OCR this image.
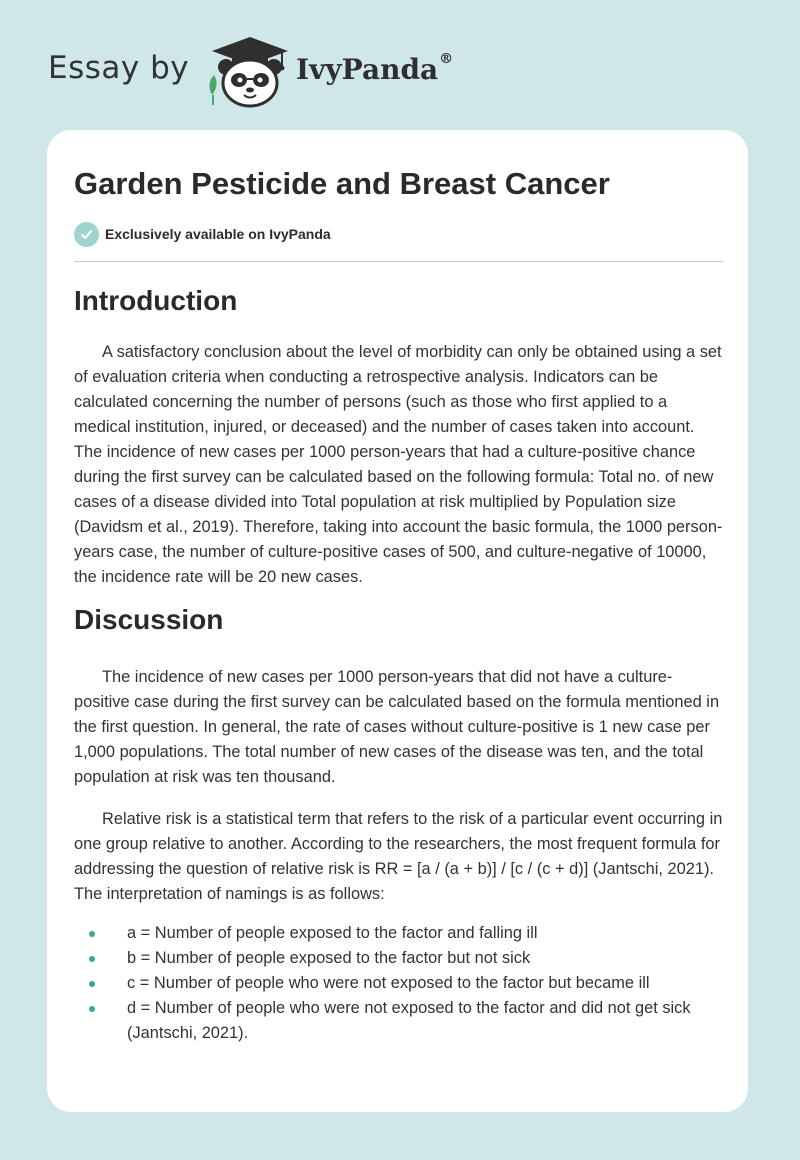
Essay by	IvyPanda®
Garden Pesticide and Breast Cancer
Exclusively available on IvyPanda
Introduction

A satisfactory conclusion about the level of morbidity can only be obtained using a set of evaluation criteria when conducting a retrospective analysis. Indicators can be calculated concerning the number of persons (such as those who first applied to a medical institution, injured, or deceased) and the number of cases taken into account. The incidence of new cases per 1000 person-years that had a culture-positive chance during the first survey can be calculated based on the following formula: Total no. of new cases of a disease divided into Total population at risk multiplied by Population size (Davidsm et al., 2019). Therefore, taking into account the basic formula, the 1000 person-years case, the number of culture-positive cases of 500, and culture-negative of 10000, the incidence rate will be 20 new cases.

Discussion

The incidence of new cases per 1000 person-years that did not have a culture-positive case during the first survey can be calculated based on the formula mentioned in the first question. In general, the rate of cases without culture-positive is 1 new case per 1,000 populations. The total number of new cases of the disease was ten, and the total population at risk was ten thousand.

Relative risk is a statistical term that refers to the risk of a particular event occurring in one group relative to another. According to the researchers, the most frequent formula for addressing the question of relative risk is RR = [a / (a + b)] / [c / (c + d)] (Jantschi, 2021). The interpretation of namings is as follows:

a = Number of people exposed to the factor and falling ill
b = Number of people exposed to the factor but not sick
c = Number of people who were not exposed to the factor but became ill
d = Number of people who were not exposed to the factor and did not get sick (Jantschi, 2021).
